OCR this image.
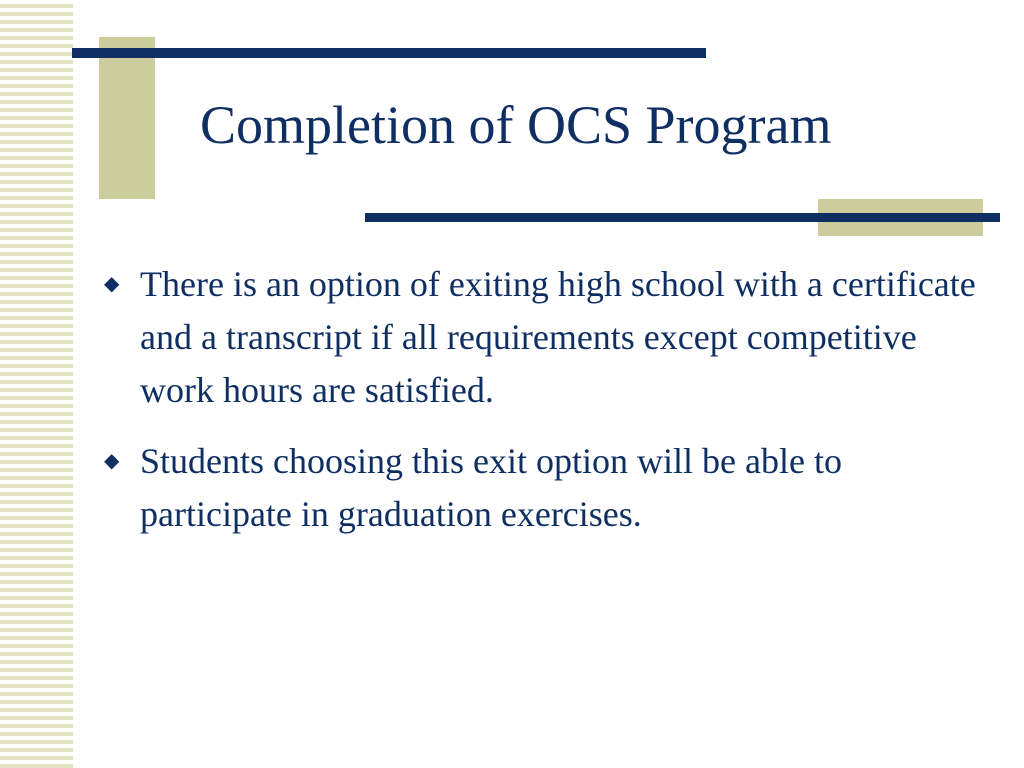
Completion of OCS Program
◆ There is an option of exiting high school with a certificate and a transcript if all requirements except competitive work hours are satisfied.
◆ Students choosing this exit option will be able to participate in graduation exercises.
